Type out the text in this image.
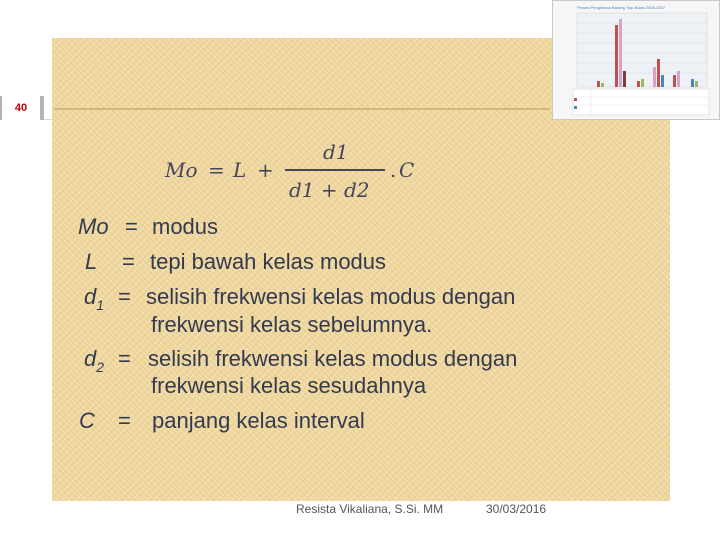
40
Mo = L +
d1
d1 + d2
. C
Mo = modus
L = tepi bawah kelas modus
$d_1$ = selisih frekwensi kelas modus dengan
frekwensi kelas sebelumnya.
$d_2$ = selisih frekwensi kelas modus dengan
frekwensi kelas sesudahnya
C = panjang kelas interval
Resista Vikaliana, S.Si. MM	30/03/2016
Proses Pengiriman Barang Tiap Bulan 2005-2007
